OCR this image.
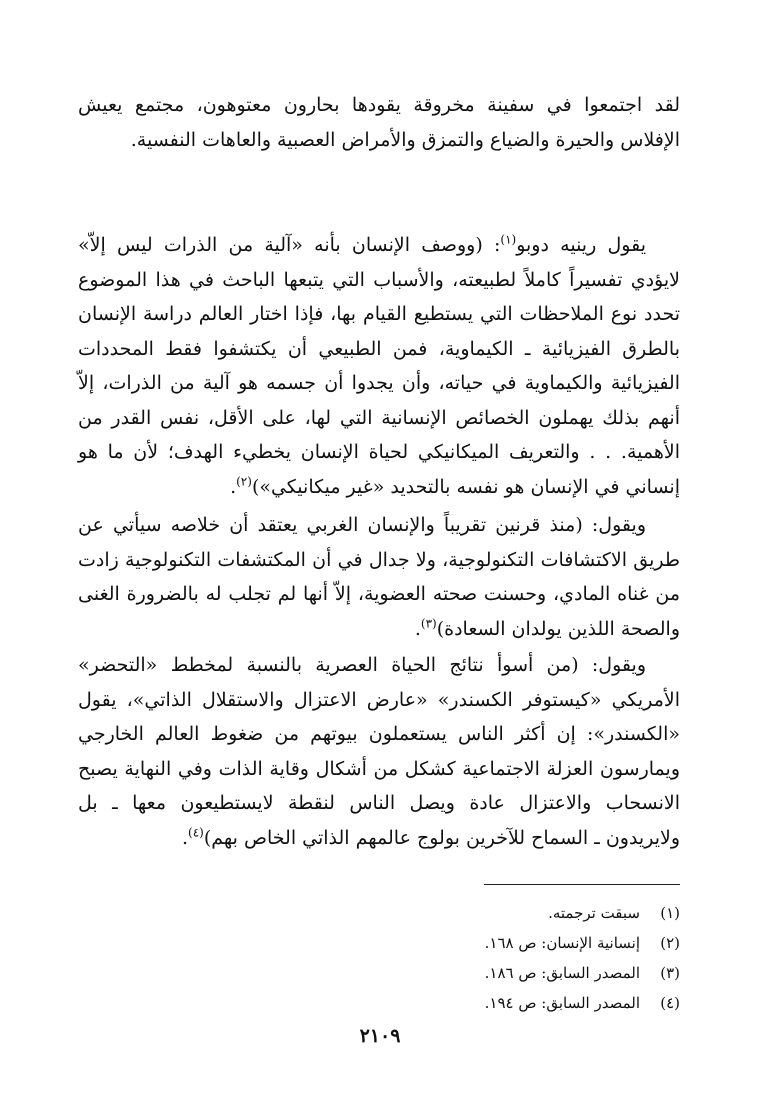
لقد اجتمعوا في سفينة مخروقة يقودها بحارون معتوهون، مجتمع يعيش الإفلاس والحيرة والضياع والتمزق والأمراض العصبية والعاهات النفسية.

يقول رينيه دوبو$^{(١)}$: (ووصف الإنسان بأنه «آلية من الذرات ليس إلاّ» لايؤدي تفسيراً كاملاً لطبيعته، والأسباب التي يتبعها الباحث في هذا الموضوع تحدد نوع الملاحظات التي يستطيع القيام بها، فإذا اختار العالم دراسة الإنسان بالطرق الفيزيائية ـ الكيماوية، فمن الطبيعي أن يكتشفوا فقط المحددات الفيزيائية والكيماوية في حياته، وأن يجدوا أن جسمه هو آلية من الذرات، إلاّ أنهم بذلك يهملون الخصائص الإنسانية التي لها، على الأقل، نفس القدر من الأهمية. . . والتعريف الميكانيكي لحياة الإنسان يخطيء الهدف؛ لأن ما هو إنساني في الإنسان هو نفسه بالتحديد «غير ميكانيكي»)$^{(٢)}$.

ويقول: (منذ قرنين تقريباً والإنسان الغربي يعتقد أن خلاصه سيأتي عن طريق الاكتشافات التكنولوجية، ولا جدال في أن المكتشفات التكنولوجية زادت من غناه المادي، وحسنت صحته العضوية، إلاّ أنها لم تجلب له بالضرورة الغنى والصحة اللذين يولدان السعادة)$^{(٣)}$.

ويقول: (من أسوأ نتائج الحياة العصرية بالنسبة لمخطط «التحضر» الأمريكي «كيستوفر الكسندر» «عارض الاعتزال والاستقلال الذاتي»، يقول «الكسندر»: إن أكثر الناس يستعملون بيوتهم من ضغوط العالم الخارجي ويمارسون العزلة الاجتماعية كشكل من أشكال وقاية الذات وفي النهاية يصبح الانسحاب والاعتزال عادة ويصل الناس لنقطة لايستطيعون معها ـ بل ولايريدون ـ السماح للآخرين بولوج عالمهم الذاتي الخاص بهم)$^{(٤)}$.

(١)
سبقت ترجمته.
(٢)
إنسانية الإنسان: ص ١٦٨.
(٣)
المصدر السابق: ص ١٨٦.
(٤)
المصدر السابق: ص ١٩٤.
٢١٠٩
